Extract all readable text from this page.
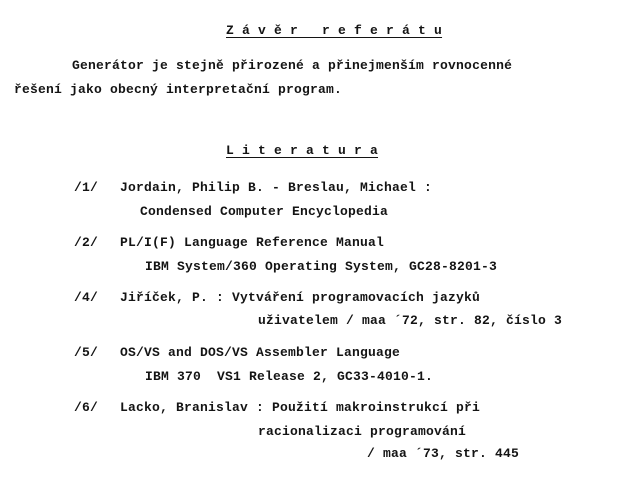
Z á v ě r   r e f e r á t u
Generátor je stejně přirozené a přinejmenším rovnocenné
řešení jako obecný interpretační program.
L i t e r a t u r a
/1/ Jordain, Philip B. - Breslau, Michael :
Condensed Computer Encyclopedia
/2/ PL/I(F) Language Reference Manual
IBM System/360 Operating System, GC28-8201-3
/4/ Jiříček, P. : Vytváření programovacích jazyků
uživatelem / maa ´72, str. 82, číslo 3
/5/ OS/VS and DOS/VS Assembler Language
IBM 370  VS1 Release 2, GC33-4010-1.
/6/ Lacko, Branislav : Použití makroinstrukcí při
racionalizaci programování
/ maa ´73, str. 445
